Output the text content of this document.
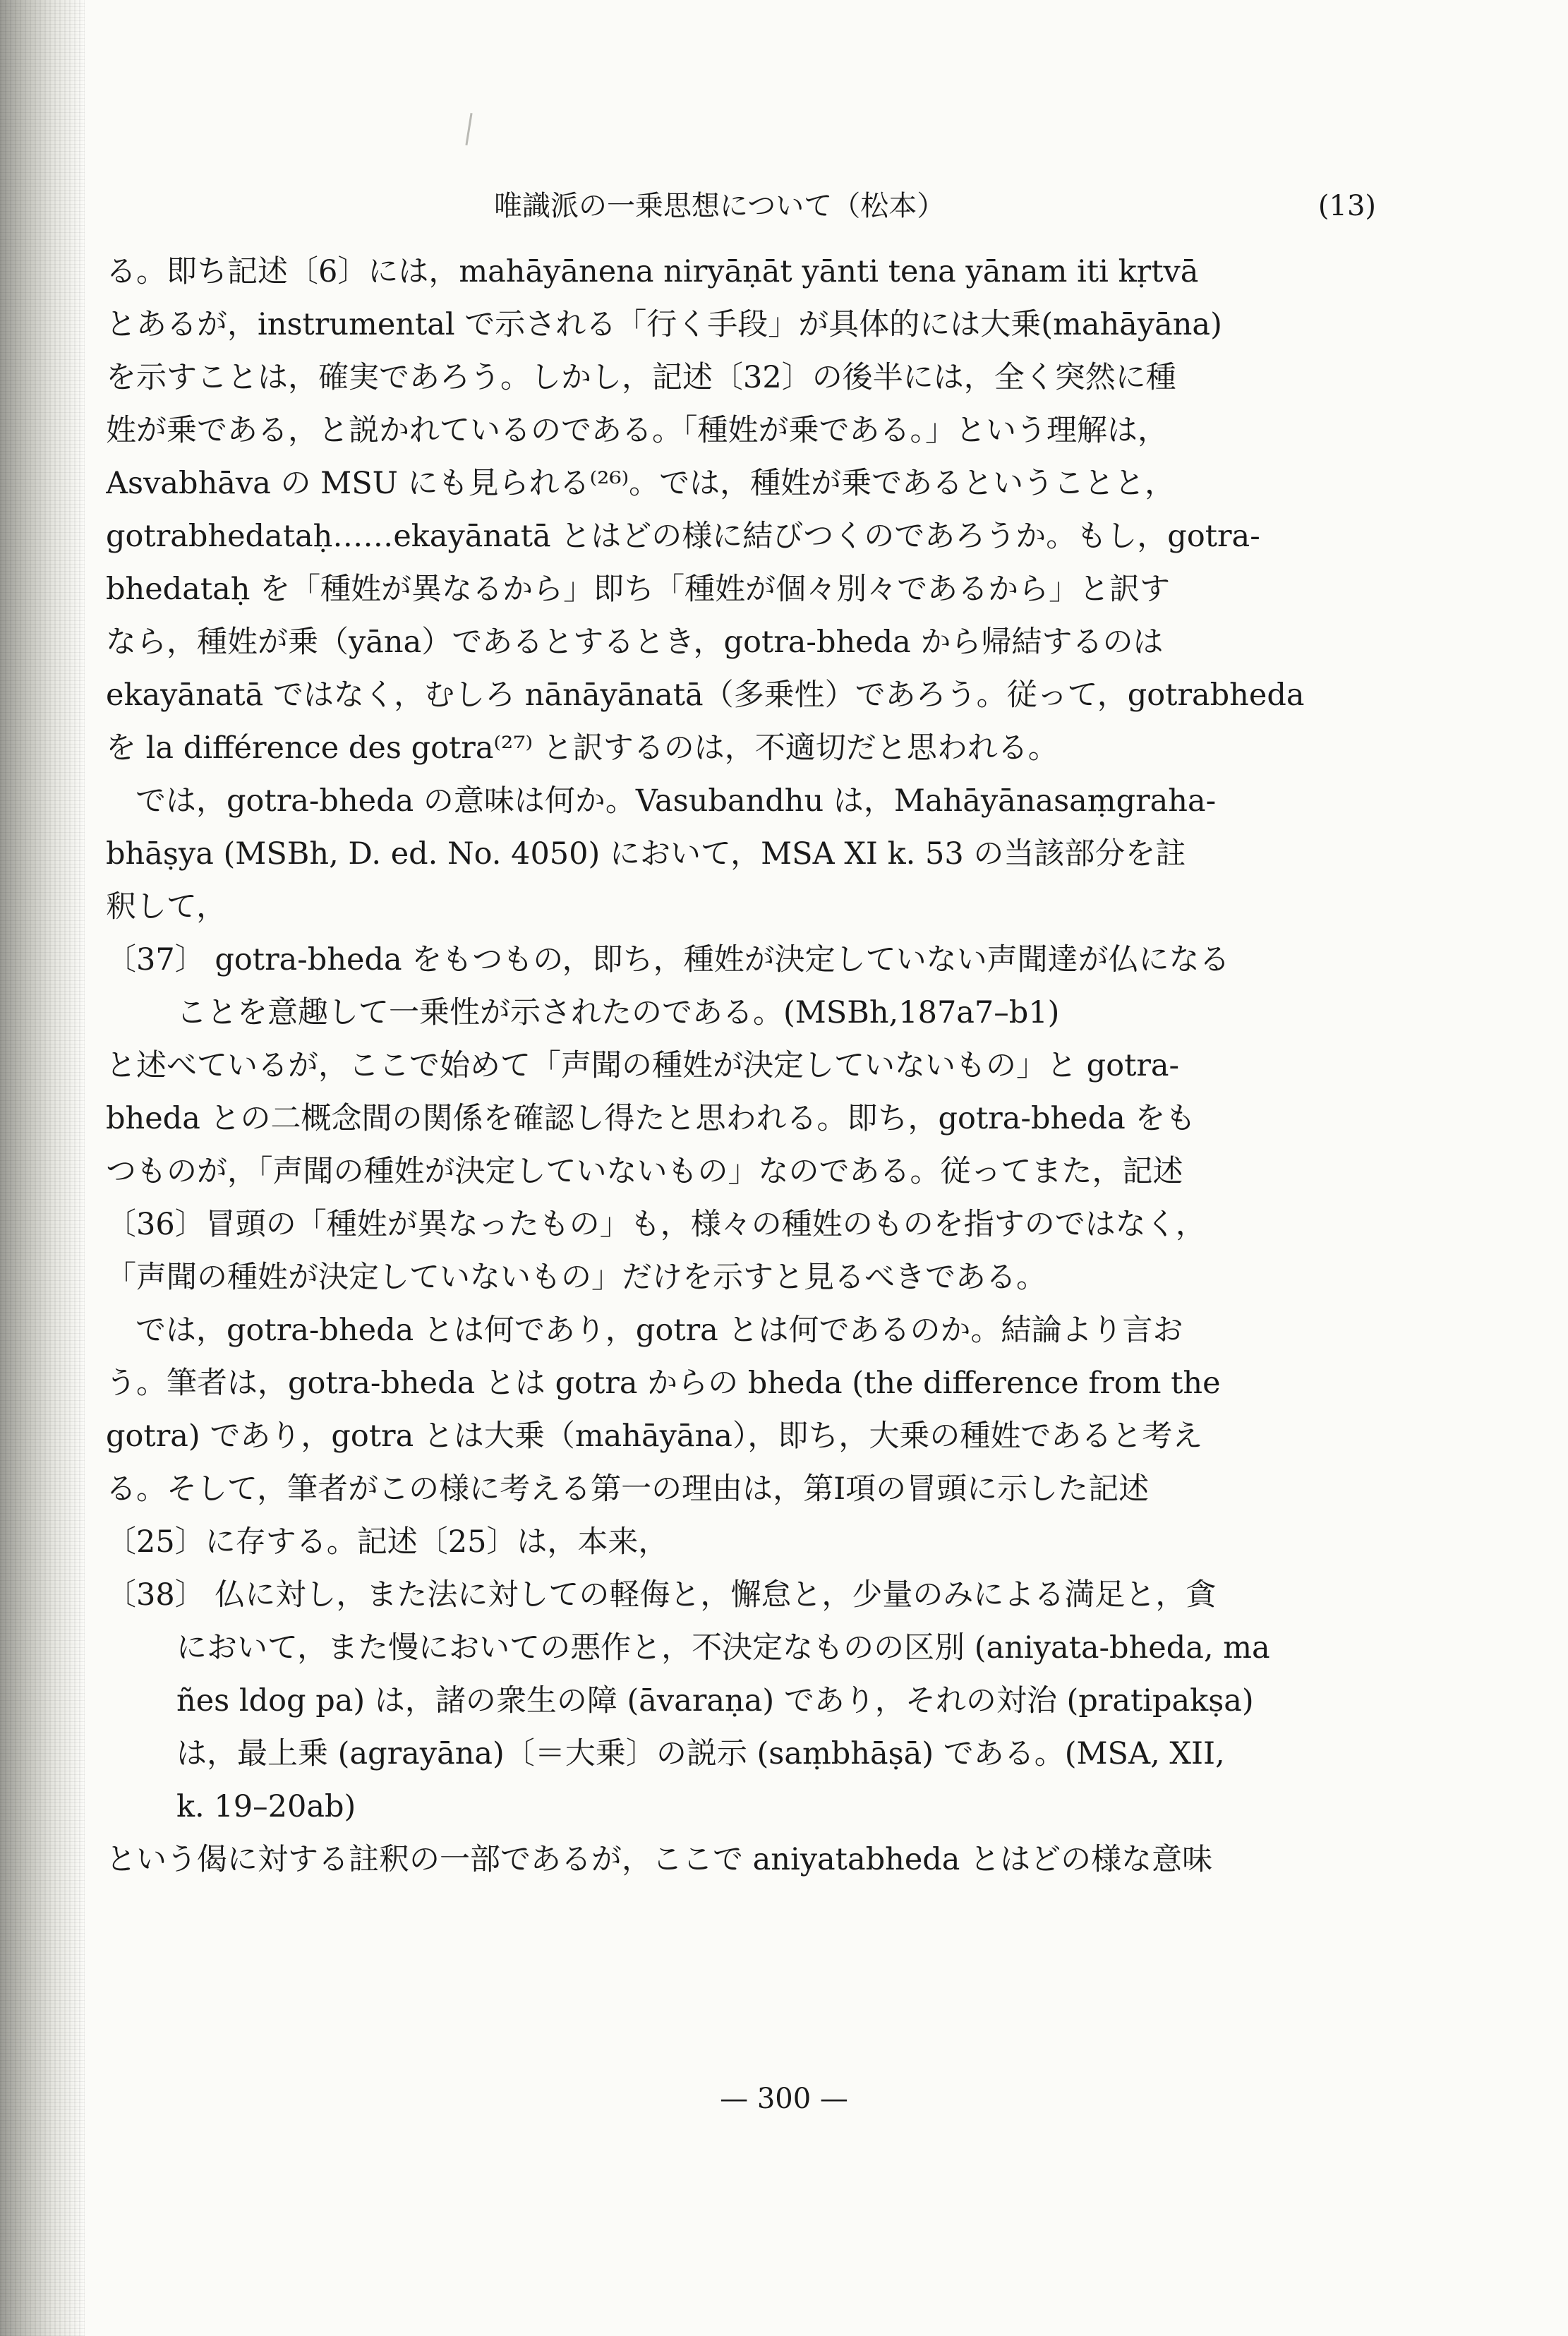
唯識派の一乗思想について（松本）	(13)
る。即ち記述〔6〕には，mahāyānena niryāṇāt yānti tena yānam iti kṛtvā
とあるが，instrumental で示される「行く手段」が具体的には大乗(mahāyāna)
を示すことは，確実であろう。しかし，記述〔32〕の後半には，全く突然に種
姓が乗である，と説かれているのである。「種姓が乗である。」という理解は，
Asvabhāva の MSU にも見られる⁽²⁶⁾。では，種姓が乗であるということと，
gotrabhedataḥ……ekayānatā とはどの様に結びつくのであろうか。もし，gotra-
bhedataḥ を「種姓が異なるから」即ち「種姓が個々別々であるから」と訳す
なら，種姓が乗（yāna）であるとするとき，gotra-bheda から帰結するのは
ekayānatā ではなく，むしろ nānāyānatā（多乗性）であろう。従って，gotrabheda
を la différence des gotra⁽²⁷⁾ と訳するのは，不適切だと思われる。
では，gotra-bheda の意味は何か。Vasubandhu は，Mahāyānasaṃgraha-
bhāṣya (MSBh, D. ed. No. 4050) において，MSA XI k. 53 の当該部分を註
釈して，
〔37〕 gotra-bheda をもつもの，即ち，種姓が決定していない声聞達が仏になる
ことを意趣して一乗性が示されたのである。(MSBh,187a7–b1)
と述べているが，ここで始めて「声聞の種姓が決定していないもの」と gotra-
bheda との二概念間の関係を確認し得たと思われる。即ち，gotra-bheda をも
つものが，「声聞の種姓が決定していないもの」なのである。従ってまた，記述
〔36〕冒頭の「種姓が異なったもの」も，様々の種姓のものを指すのではなく，
「声聞の種姓が決定していないもの」だけを示すと見るべきである。
では，gotra-bheda とは何であり，gotra とは何であるのか。結論より言お
う。筆者は，gotra-bheda とは gotra からの bheda (the difference from the
gotra) であり，gotra とは大乗（mahāyāna），即ち，大乗の種姓であると考え
る。そして，筆者がこの様に考える第一の理由は，第Ⅰ項の冒頭に示した記述
〔25〕に存する。記述〔25〕は，本来，
〔38〕 仏に対し，また法に対しての軽侮と，懈怠と，少量のみによる満足と，貪
において，また慢においての悪作と，不決定なものの区別 (aniyata-bheda, ma
ñes ldog pa) は，諸の衆生の障 (āvaraṇa) であり，それの対治 (pratipakṣa)
は，最上乗 (agrayāna)〔＝大乗〕の説示 (saṃbhāṣā) である。(MSA, XII,
k. 19–20ab)
という偈に対する註釈の一部であるが，ここで aniyatabheda とはどの様な意味
— 300 —
